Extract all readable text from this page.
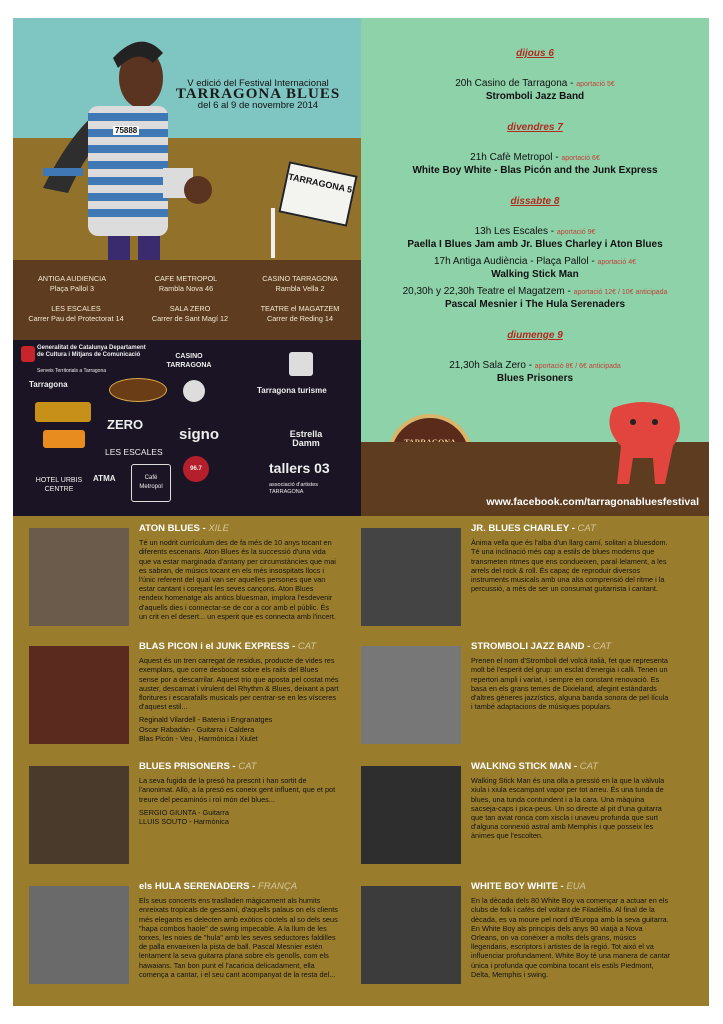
75888
V edició del Festival Internacional
TARRAGONA BLUES
del 6 al 9 de novembre 2014
TARRAGONA 5
ANTIGA AUDIENCIA
Plaça Pallol 3
CAFE METROPOL
Rambla Nova 46
CASINO TARRAGONA
Rambla Vella 2
LES ESCALES
Carrer Pau del Protectorat 14
SALA ZERO
Carrer de Sant Magí 12
TEATRE el MAGATZEM
Carrer de Reding 14
Generalitat de Catalunya Departament de Cultura i Mitjans de Comunicació
Serveis Territorials a Tarragona
Tarragona
CASINO TARRAGONA
Tarragona turisme
ZERO
signo
LES ESCALES
Estrella Damm
HOTEL URBIS CENTRE
ATMA	Café Metropol
96.7	tallers 03
associació d'artistes TARRAGONA
dijous 6
20h Casino de Tarragona - aportació 5€
Stromboli Jazz Band
divendres 7
21h Cafè Metropol - aportació 6€
White Boy White - Blas Picón and the Junk Express
dissabte 8
13h Les Escales - aportació 9€
Paella I Blues Jam amb Jr. Blues Charley i Aton Blues
17h Antiga Audiència - Plaça Pallol - aportació 4€
Walking Stick Man
20,30h y 22,30h Teatre el Magatzem - aportació 12€ / 10€ anticipada
Pascal Mesnier i The Hula Serenaders
diumenge 9
21,30h Sala Zero - aportació 8€ / 6€ anticipada
Blues Prisoners
www.facebook.com/tarragonabluesfestival
ATON BLUES - XILE

Té un nodrit currículum des de fa més de 10 anys tocant en diferents escenaris. Aton Blues és la successió d'una vida que va estar marginada d'antany per circumstàncies que mai es sabran, de músics tocant en els més insospitats llocs i l'únic referent del qual van ser aquelles persones que van estar cantant i corejant les seves cançons. Aton Blues rendeix homenatge als antics bluesman, implora l'esdevenir d'aquells dies i connectar-se de cor a cor amb el públic. És un crit en el desert... un esperit que es connecta amb l'incert.

JR. BLUES CHARLEY - CAT

Ànima vella que és l'alba d'un llarg camí, solitari a bluesdom. Té una inclinació més cap a estils de blues moderns que transmeten ritmes que ens condueixen, paral·lelament, a les arrels del rock & roll. És capaç de reproduir diversos instruments musicals amb una alta comprensió del ritme i la percussió, a més de ser un consumat guitarrista i cantant.

BLAS PICON i el JUNK EXPRESS - CAT

Aquest és un tren carregat de residus, producte de vides res exemplars, que corre desbocat sobre els rails del Blues sense por a descarrilar. Aquest trio que aposta pel costat més auster, descarnat i virulent del Rhythm & Blues, deixant a part floritures i escarafalls musicals per centrar-se en les vísceres d'aquest estil...

Reginald Vilardell - Bateria i Engranatges
Oscar Rabadán - Guitarra i Caldera
Blas Picón - Veu , Harmònica i Xiulet

STROMBOLI JAZZ BAND - CAT

Prenen el nom d'Stromboli del volcà italià, fet que representa molt bé l'esperit del grup: un esclat d'energia i calli. Tenen un repertori ampli i variat, i sempre en constant renovació. Es basa en els grans temes de Dixieland, afegint estàndards d'altres gèneres jazzístics, alguna banda sonora de pel·lícula i també adaptacions de músiques populars.

BLUES PRISONERS - CAT

La seva fugida de la presó ha prescrit i han sortit de l'anonimat. Allò, a la presó es coneix gent influent, que et pot treure del pecaminós i roí món del blues...

SERGIO GIUNTA - Guitarra
LLUIS SOUTO - Harmònica

WALKING STICK MAN - CAT

Walking Stick Man és una olla a pressió en la que la vàlvula xiula i xiula escampant vapor per tot arreu. És una tunda de blues, una tunda contundent i a la cara. Una màquina sacseja-caps i pica-peus. Un so directe al pit d'una guitarra que tan aviat ronca com xiscla i unaveu profunda que surt d'alguna connexió astral amb Memphis i que posseix les ànimes que l'escolten.

els HULA SERENADERS - FRANÇA

Els seus concerts ens traslladen màgicament als humits enreixats tropicals de gessamí, d'aquells palaus on els clients més elegants es delecten amb exòtics còctels al so dels seus "hapa combos haole" de swing impecable. A la llum de les torxes, les noies de "hula" amb les seves seductores faldilles de palla envaeixen la pista de ball. Pascal Mesnier estén lentament la seva guitarra plana sobre els genolls, com els hawaians. Tan bon punt el l'acaricia delicadament, ella comença a cantar, i el seu cant acompanyat de la resta del...

WHITE BOY WHITE - EUA

En la dècada dels 80 White Boy va començar a actuar en els clubs de folk i cafès del voltant de Filadèlfia. Al final de la dècada, es va moure pel nord d'Europa amb la seva guitarra. En White Boy als principis dels anys 90 viatjà a Nova Orleans, on va conèixer a molts dels grans, músics llegendaris, escriptors i artistes de la regió. Tot això el va influenciar profundament. White Boy té una manera de cantar única i profunda que combina tocant els estils Piedmont, Delta, Memphis i swing.
